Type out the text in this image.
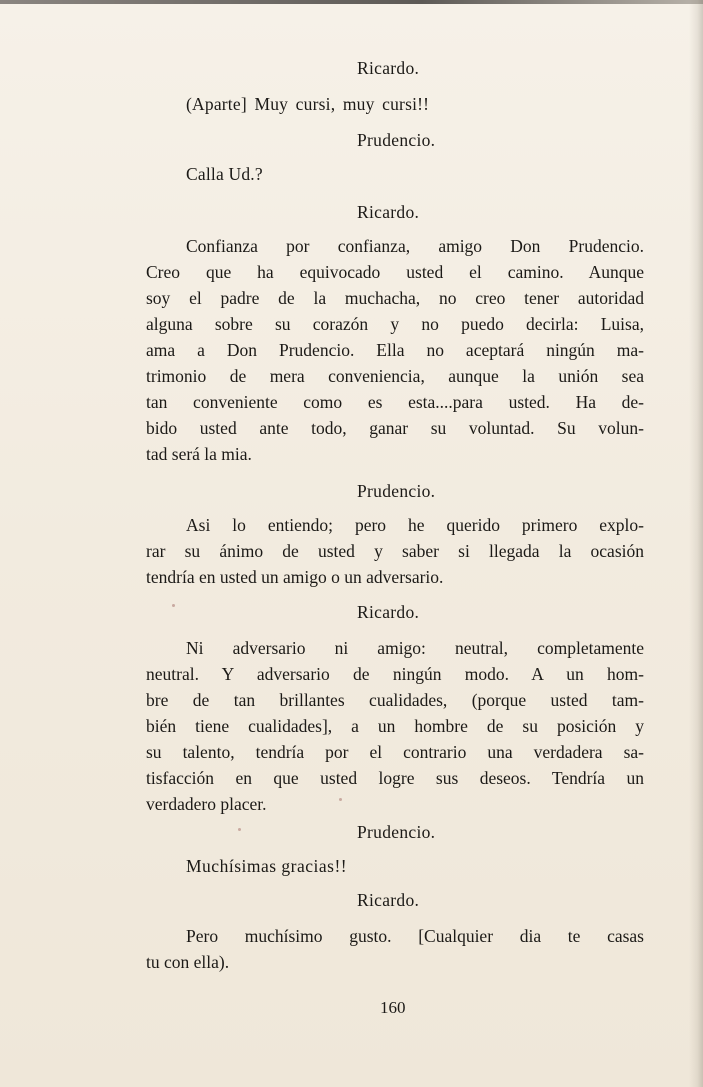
Ricardo.
(Aparte] Muy cursi, muy cursi!!
Prudencio.
Calla Ud.?
Ricardo.
Confianza por confianza, amigo Don Prudencio.
Creo que ha equivocado usted el camino. Aunque
soy el padre de la muchacha, no creo tener autoridad
alguna sobre su corazón y no puedo decirla: Luisa,
ama a Don Prudencio. Ella no aceptará ningún ma-
trimonio de mera conveniencia, aunque la unión sea
tan conveniente como es esta....para usted. Ha de-
bido usted ante todo, ganar su voluntad. Su volun-
tad será la mia.
Prudencio.
Asi lo entiendo; pero he querido primero explo-
rar su ánimo de usted y saber si llegada la ocasión
tendría en usted un amigo o un adversario.
Ricardo.
Ni adversario ni amigo: neutral, completamente
neutral. Y adversario de ningún modo. A un hom-
bre de tan brillantes cualidades, (porque usted tam-
bién tiene cualidades], a un hombre de su posición y
su talento, tendría por el contrario una verdadera sa-
tisfacción en que usted logre sus deseos. Tendría un
verdadero placer.
Prudencio.
Muchísimas gracias!!
Ricardo.
Pero muchísimo gusto. [Cualquier dia te casas
tu con ella).
160
